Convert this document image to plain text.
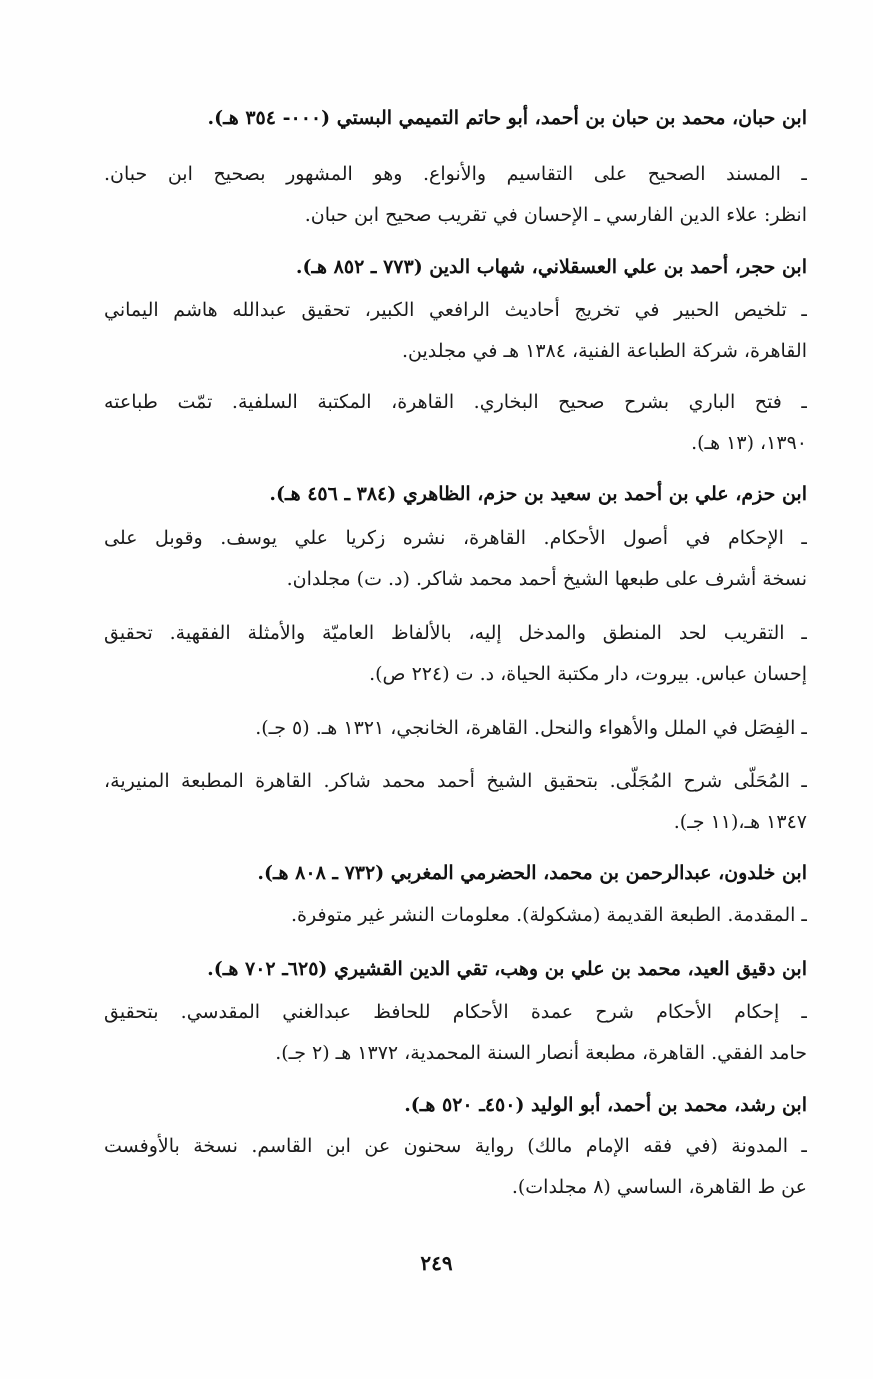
ابن حبان، محمد بن حبان بن أحمد، أبو حاتم التميمي البستي (٠٠٠- ٣٥٤ هـ).
ـ المسند الصحيح على التقاسيم والأنواع. وهو المشهور بصحيح ابن حبان.
انظر: علاء الدين الفارسي ـ الإحسان في تقريب صحيح ابن حبان.
ابن حجر، أحمد بن علي العسقلاني، شهاب الدين (٧٧٣ ـ ٨٥٢ هـ).
ـ تلخيص الحبير في تخريج أحاديث الرافعي الكبير، تحقيق عبدالله هاشم اليماني
القاهرة، شركة الطباعة الفنية، ١٣٨٤ هـ في مجلدين.
ـ فتح الباري بشرح صحيح البخاري. القاهرة، المكتبة السلفية. تمّت طباعته
١٣٩٠، (١٣ هـ).
ابن حزم، علي بن أحمد بن سعيد بن حزم، الظاهري (٣٨٤ ـ ٤٥٦ هـ).
ـ الإحكام في أصول الأحكام. القاهرة، نشره زكريا علي يوسف. وقوبل على
نسخة أشرف على طبعها الشيخ أحمد محمد شاكر. (د. ت) مجلدان.
ـ التقريب لحد المنطق والمدخل إليه، بالألفاظ العاميّة والأمثلة الفقهية. تحقيق
إحسان عباس. بيروت، دار مكتبة الحياة، د. ت (٢٢٤ ص).
ـ الفِصَل في الملل والأهواء والنحل. القاهرة، الخانجي، ١٣٢١ هـ. (٥ جـ).
ـ المُحَلّى شرح المُجَلّى. بتحقيق الشيخ أحمد محمد شاكر. القاهرة المطبعة المنيرية،
١٣٤٧ هـ،(١١ جـ).
ابن خلدون، عبدالرحمن بن محمد، الحضرمي المغربي (٧٣٢ ـ ٨٠٨ هـ).
ـ المقدمة. الطبعة القديمة (مشكولة). معلومات النشر غير متوفرة.
ابن دقيق العيد، محمد بن علي بن وهب، تقي الدين القشيري (٦٢٥ـ ٧٠٢ هـ).
ـ إحكام الأحكام شرح عمدة الأحكام للحافظ عبدالغني المقدسي. بتحقيق
حامد الفقي. القاهرة، مطبعة أنصار السنة المحمدية، ١٣٧٢ هـ (٢ جـ).
ابن رشد، محمد بن أحمد، أبو الوليد (٤٥٠ـ ٥٢٠ هـ).
ـ المدونة (في فقه الإمام مالك) رواية سحنون عن ابن القاسم. نسخة بالأوفست
عن ط القاهرة، الساسي (٨ مجلدات).
٢٤٩
